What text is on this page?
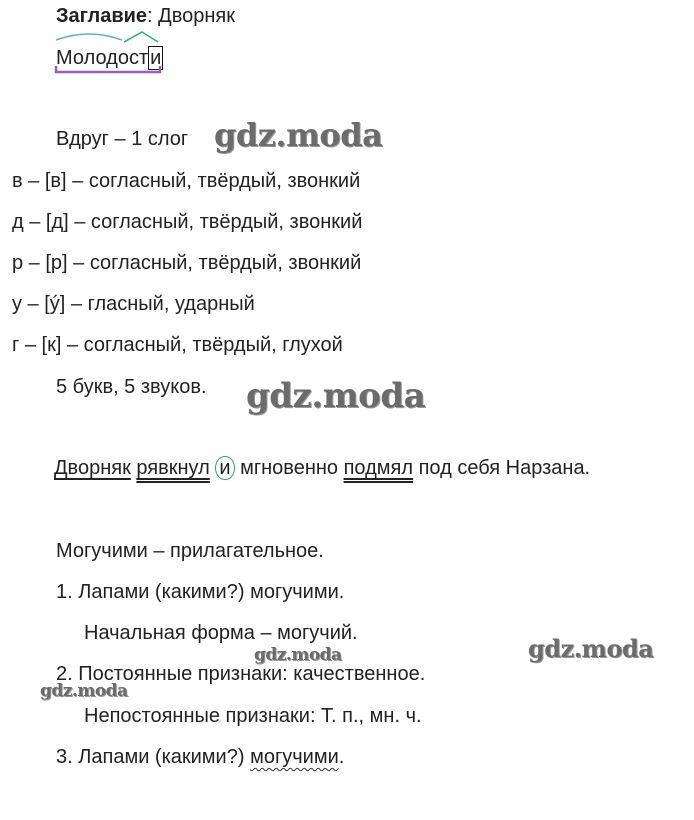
Заглавие: Дворняк
Молодост и
Вдруг – 1 слог
в – [в] – согласный, твёрдый, звонкий
д – [д] – согласный, твёрдый, звонкий
р – [р] – согласный, твёрдый, звонкий
у – [ý] – гласный, ударный
г – [к] – согласный, твёрдый, глухой
5 букв, 5 звуков.
Дворняк рявкнул и мгновенно подмял под себя Нарзана.
Могучими – прилагательное.
1. Лапами (какими?) могучими.
Начальная форма – могучий.
2. Постоянные признаки: качественное.
Непостоянные признаки: Т. п., мн. ч.
3. Лапами (какими?) могучими.
gdz.moda
gdz.moda
gdz.moda
gdz.moda
gdz.moda
